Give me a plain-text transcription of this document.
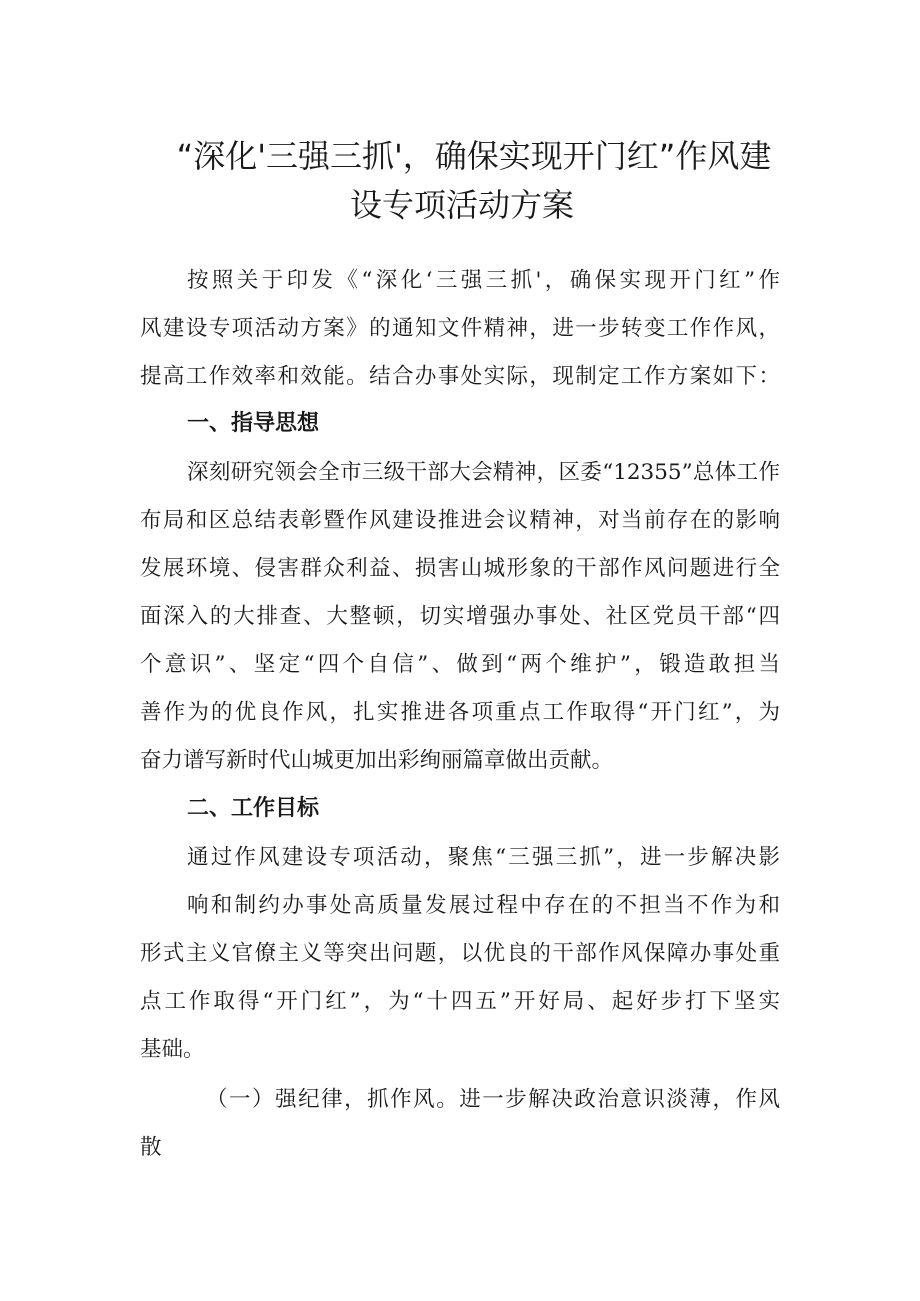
“深化'三强三抓'，确保实现开门红”作风建
设专项活动方案
按照关于印发《“深化‘三强三抓'，确保实现开门红”作
风建设专项活动方案》的通知文件精神，进一步转变工作作风，
提高工作效率和效能。结合办事处实际，现制定工作方案如下：
一、指导思想
深刻研究领会全市三级干部大会精神，区委“12355”总体工作
布局和区总结表彰暨作风建设推进会议精神，对当前存在的影响
发展环境、侵害群众利益、损害山城形象的干部作风问题进行全
面深入的大排查、大整顿，切实增强办事处、社区党员干部“四
个意识”、坚定“四个自信”、做到“两个维护”，锻造敢担当
善作为的优良作风，扎实推进各项重点工作取得“开门红”，为
奋力谱写新时代山城更加出彩绚丽篇章做出贡献。
二、工作目标
通过作风建设专项活动，聚焦“三强三抓”，进一步解决影
响和制约办事处高质量发展过程中存在的不担当不作为和
形式主义官僚主义等突出问题，以优良的干部作风保障办事处重
点工作取得“开门红”，为“十四五”开好局、起好步打下坚实
基础。
（一）强纪律，抓作风。进一步解决政治意识淡薄，作风
散
